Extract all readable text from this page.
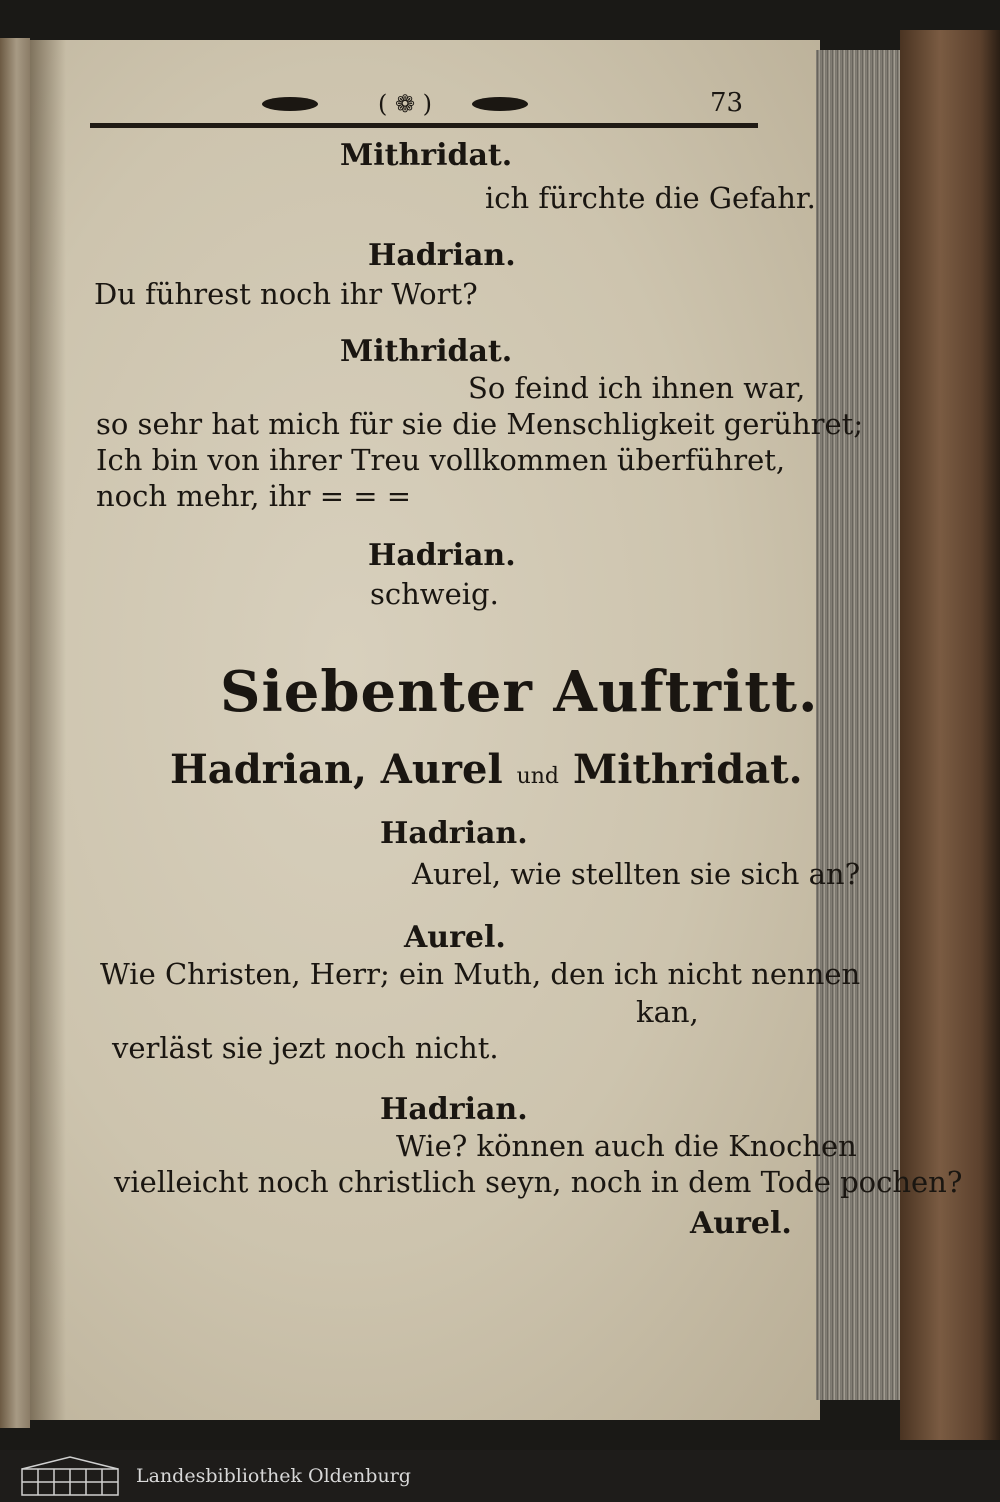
( ❁ )	73
Mithridat.
ich fürchte die Gefahr.
Hadrian.
Du führest noch ihr Wort?
Mithridat.
So feind ich ihnen war,
so sehr hat mich für sie die Menschligkeit gerühret;
Ich bin von ihrer Treu vollkommen überführet,
noch mehr, ihr = = =
Hadrian.
schweig.
Siebenter Auftritt.
Hadrian, Aurel und Mithridat.
Hadrian.
Aurel, wie stellten sie sich an?
Aurel.
Wie Christen, Herr; ein Muth, den ich nicht nennen
kan,
verläst sie jezt noch nicht.
Hadrian.
Wie? können auch die Knochen
vielleicht noch christlich seyn, noch in dem Tode pochen?
Aurel.
Landesbibliothek Oldenburg
